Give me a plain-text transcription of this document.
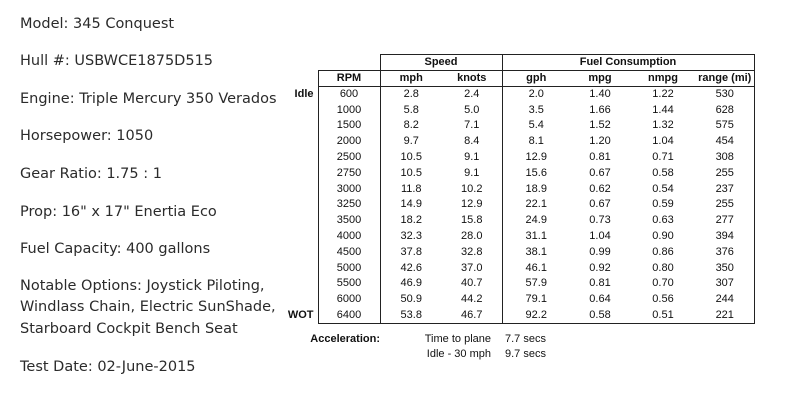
Model: 345 Conquest
Hull #: USBWCE1875D515
Engine: Triple Mercury 350 Verados
Horsepower: 1050
Gear Ratio: 1.75 : 1
Prop: 16" x 17" Enertia Eco
Fuel Capacity: 400 gallons
Notable Options: Joystick Piloting,
Windlass Chain, Electric SunShade,
Starboard Cockpit Bench Seat
Test Date: 02-June-2015
		Speed		Fuel Consumption			
	RPM	mph	knots	gph	mpg	nmpg	range (mi)
Idle	600	2.8	2.4	2.0	1.40	1.22	530
	1000	5.8	5.0	3.5	1.66	1.44	628
	1500	8.2	7.1	5.4	1.52	1.32	575
	2000	9.7	8.4	8.1	1.20	1.04	454
	2500	10.5	9.1	12.9	0.81	0.71	308
	2750	10.5	9.1	15.6	0.67	0.58	255
	3000	11.8	10.2	18.9	0.62	0.54	237
	3250	14.9	12.9	22.1	0.67	0.59	255
	3500	18.2	15.8	24.9	0.73	0.63	277
	4000	32.3	28.0	31.1	1.04	0.90	394
	4500	37.8	32.8	38.1	0.99	0.86	376
	5000	42.6	37.0	46.1	0.92	0.80	350
	5500	46.9	40.7	57.9	0.81	0.70	307
	6000	50.9	44.2	79.1	0.64	0.56	244
WOT	6400	53.8	46.7	92.2	0.58	0.51	221
Acceleration:	Time to plane	7.7 secs
Idle - 30 mph	9.7 secs
